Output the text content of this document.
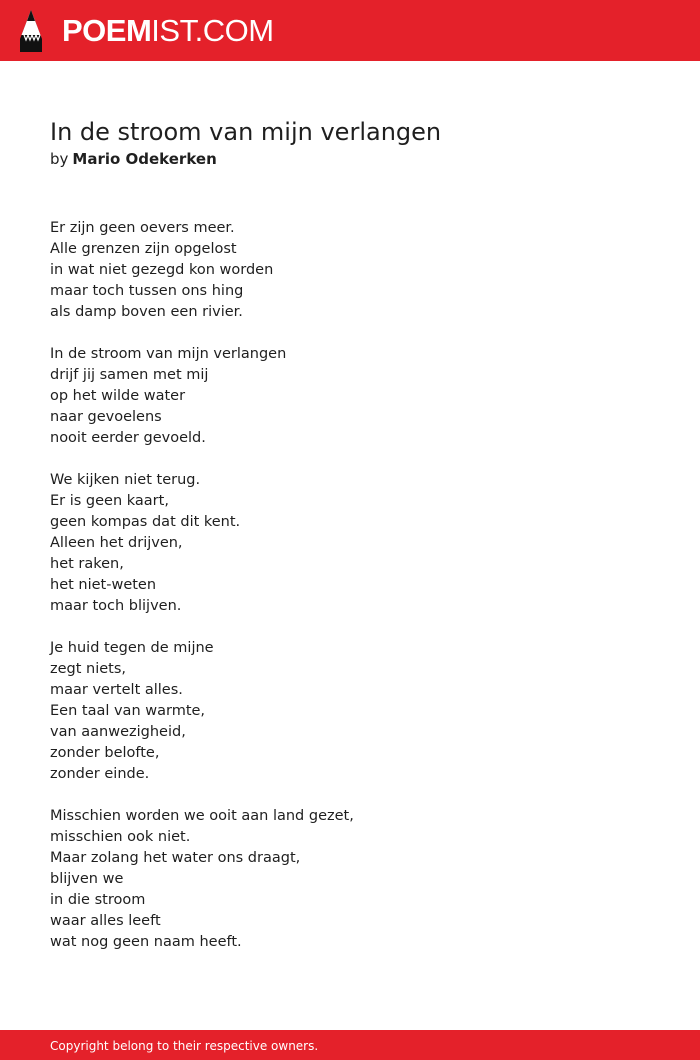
POEMIST.COM
In de stroom van mijn verlangen
by Mario Odekerken
Er zijn geen oevers meer.
Alle grenzen zijn opgelost
in wat niet gezegd kon worden
maar toch tussen ons hing
als damp boven een rivier.
In de stroom van mijn verlangen
drijf jij samen met mij
op het wilde water
naar gevoelens
nooit eerder gevoeld.
We kijken niet terug.
Er is geen kaart,
geen kompas dat dit kent.
Alleen het drijven,
het raken,
het niet-weten
maar toch blijven.
Je huid tegen de mijne
zegt niets,
maar vertelt alles.
Een taal van warmte,
van aanwezigheid,
zonder belofte,
zonder einde.
Misschien worden we ooit aan land gezet,
misschien ook niet.
Maar zolang het water ons draagt,
blijven we
in die stroom
waar alles leeft
wat nog geen naam heeft.
Copyright belong to their respective owners.
